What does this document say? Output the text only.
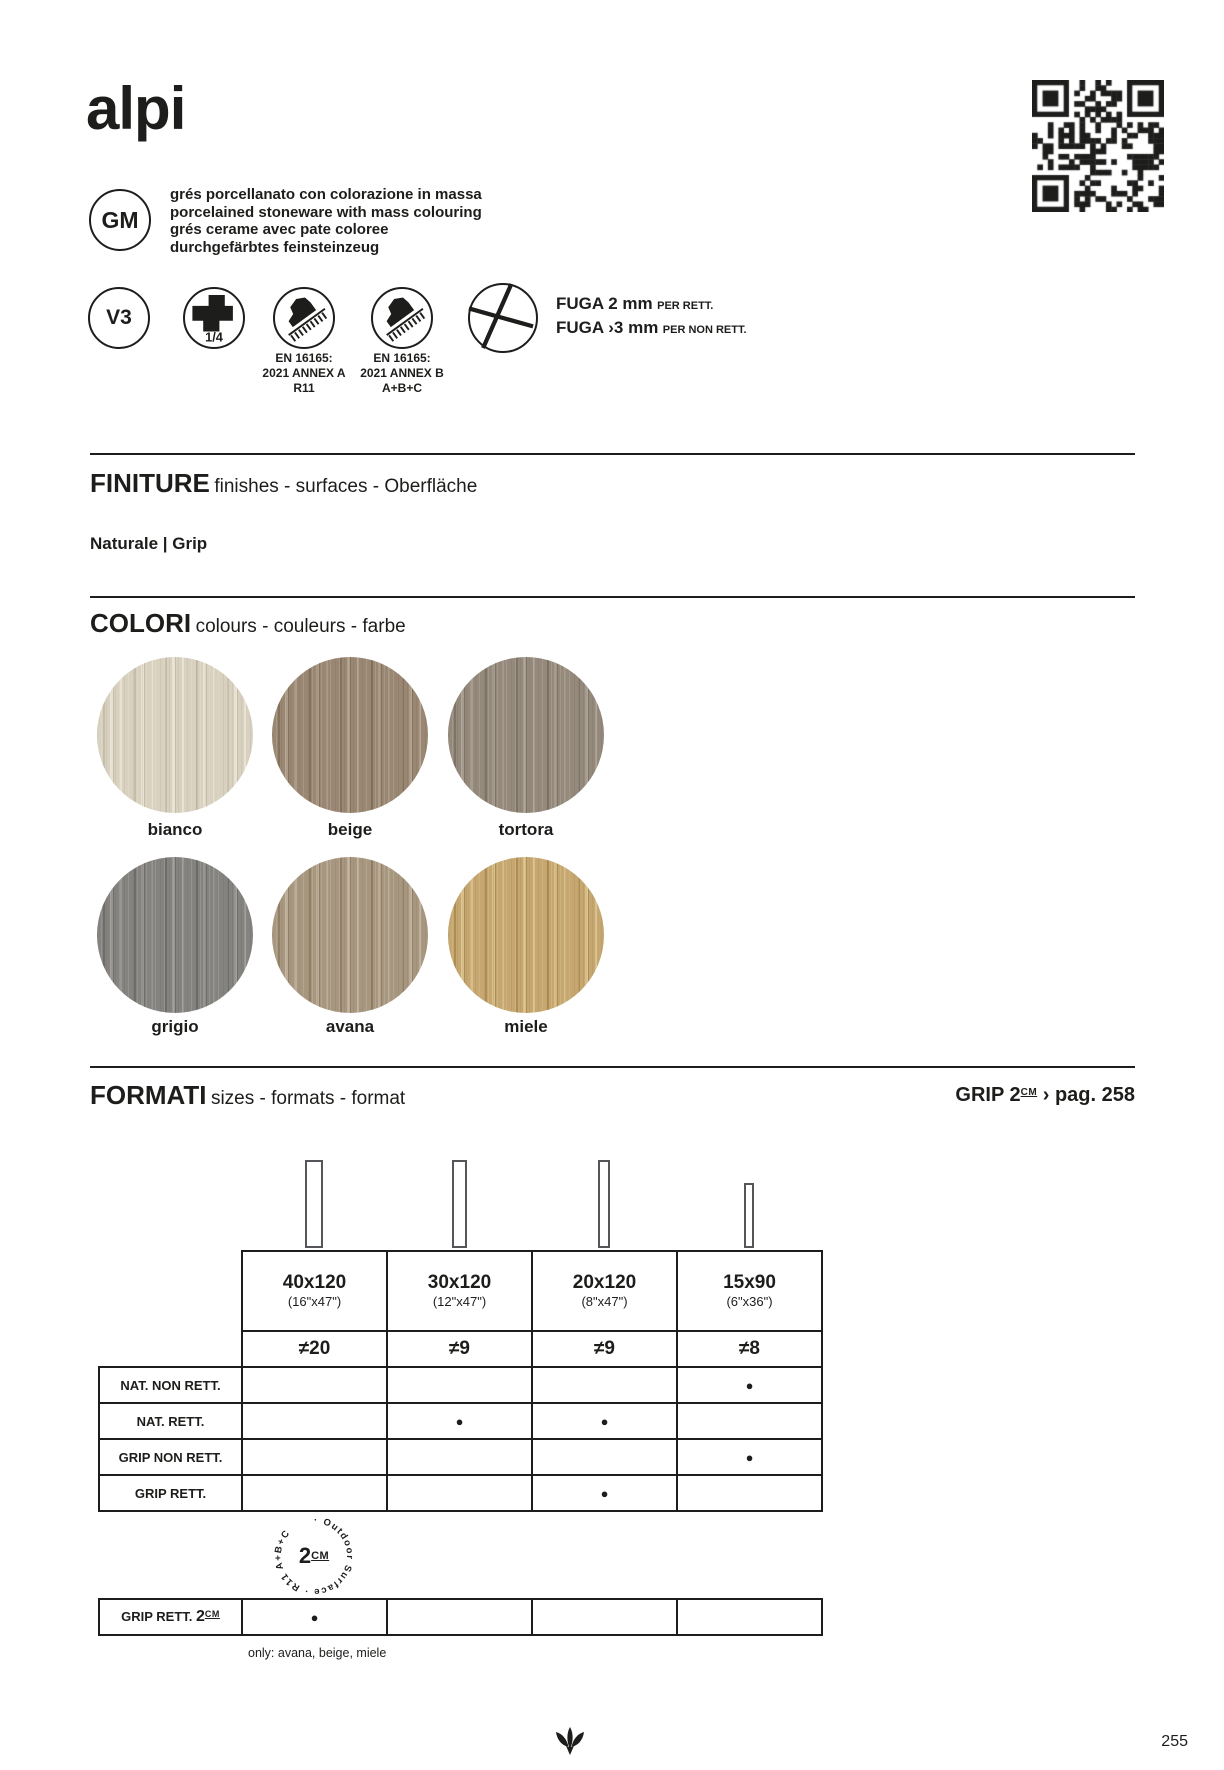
alpi
GM
grés porcellanato con colorazione in massa
porcelained stoneware with mass colouring
grés cerame avec pate coloree
durchgefärbtes feinsteinzeug
V3
1/4
EN 16165:
2021 ANNEX A
R11
EN 16165:
2021 ANNEX B
A+B+C
FUGA 2 mm PER RETT.
FUGA ›3 mm PER NON RETT.
FINITURE finishes - surfaces - Oberfläche
Naturale | Grip
COLORI colours - couleurs - farbe
bianco	beige	tortora
grigio	avana	miele
FORMATI sizes - formats - format	GRIP $2^{CM}$ › pag. 258

40x120
(16"x47")

30x120
(12"x47")

20x120
(8"x47")

15x90
(6"x36")

	≠20	≠9	≠9	≠8
NAT. NON RETT.				●
NAT. RETT.		●	●	
GRIP NON RETT.				●
GRIP RETT.			●	
· Outdoor Surface · R11 A+B+C
2 CM
GRIP RETT. $2^{CM}$	●			
only: avana, beige, miele
255
